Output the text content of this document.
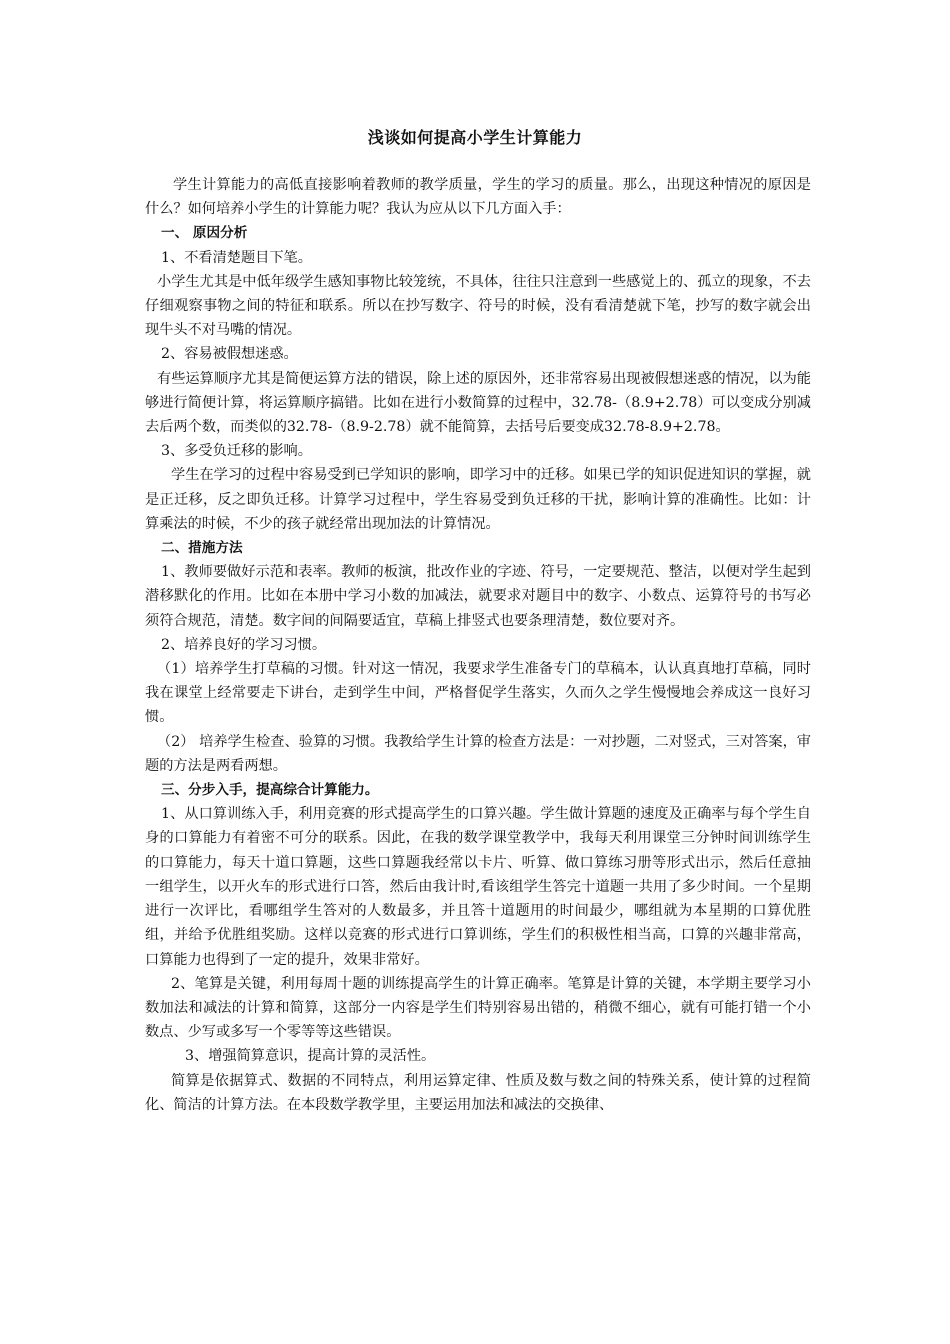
浅谈如何提高小学生计算能力

学生计算能力的高低直接影响着教师的教学质量，学生的学习的质量。那么，出现这种情况的原因是什么？如何培养小学生的计算能力呢？我认为应从以下几方面入手：

一、 原因分析

1、不看清楚题目下笔。

小学生尤其是中低年级学生感知事物比较笼统，不具体，往往只注意到一些感觉上的、孤立的现象，不去仔细观察事物之间的特征和联系。所以在抄写数字、符号的时候，没有看清楚就下笔，抄写的数字就会出现牛头不对马嘴的情况。

2、容易被假想迷惑。

有些运算顺序尤其是简便运算方法的错误，除上述的原因外，还非常容易出现被假想迷惑的情况，以为能够进行简便计算，将运算顺序搞错。比如在进行小数简算的过程中，32.78-（8.9+2.78）可以变成分别减去后两个数，而类似的32.78-（8.9-2.78）就不能简算，去括号后要变成32.78-8.9+2.78。

3、多受负迁移的影响。

学生在学习的过程中容易受到已学知识的影响，即学习中的迁移。如果已学的知识促进知识的掌握，就是正迁移，反之即负迁移。计算学习过程中，学生容易受到负迁移的干扰，影响计算的准确性。比如：计算乘法的时候，不少的孩子就经常出现加法的计算情况。

二、措施方法

1、教师要做好示范和表率。教师的板演，批改作业的字迹、符号，一定要规范、整洁，以便对学生起到潜移默化的作用。比如在本册中学习小数的加减法，就要求对题目中的数字、小数点、运算符号的书写必须符合规范，清楚。数字间的间隔要适宜，草稿上排竖式也要条理清楚，数位要对齐。

2、培养良好的学习习惯。

（1）培养学生打草稿的习惯。针对这一情况，我要求学生准备专门的草稿本，认认真真地打草稿，同时我在课堂上经常要走下讲台，走到学生中间，严格督促学生落实，久而久之学生慢慢地会养成这一良好习惯。

（2） 培养学生检查、验算的习惯。我教给学生计算的检查方法是：一对抄题，二对竖式，三对答案，审题的方法是两看两想。

三、分步入手，提高综合计算能力。

1、从口算训练入手，利用竞赛的形式提高学生的口算兴趣。学生做计算题的速度及正确率与每个学生自身的口算能力有着密不可分的联系。因此，在我的数学课堂教学中，我每天利用课堂三分钟时间训练学生的口算能力，每天十道口算题，这些口算题我经常以卡片、听算、做口算练习册等形式出示，然后任意抽一组学生，以开火车的形式进行口答，然后由我计时,看该组学生答完十道题一共用了多少时间。一个星期进行一次评比，看哪组学生答对的人数最多，并且答十道题用的时间最少，哪组就为本星期的口算优胜组，并给予优胜组奖励。这样以竞赛的形式进行口算训练，学生们的积极性相当高，口算的兴趣非常高，口算能力也得到了一定的提升，效果非常好。

2、笔算是关键，利用每周十题的训练提高学生的计算正确率。笔算是计算的关键，本学期主要学习小数加法和减法的计算和简算，这部分一内容是学生们特别容易出错的，稍微不细心，就有可能打错一个小数点、少写或多写一个零等等这些错误。

3、增强简算意识，提高计算的灵活性。

简算是依据算式、数据的不同特点，利用运算定律、性质及数与数之间的特殊关系，使计算的过程简化、简洁的计算方法。在本段数学教学里，主要运用加法和减法的交换律、
